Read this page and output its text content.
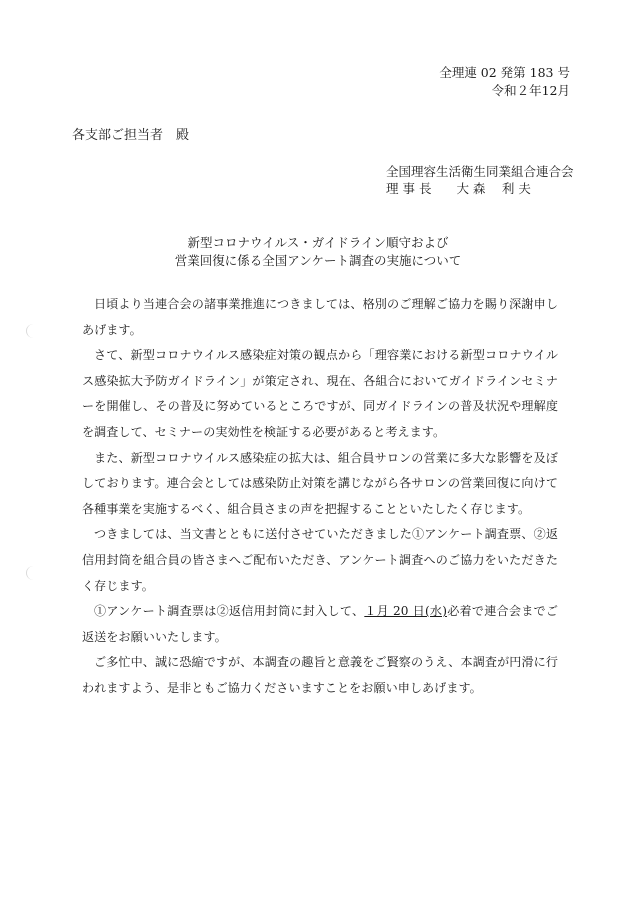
全理連 02 発第 183 号
令和２年12月
各支部ご担当者　殿
全国理容生活衛生同業組合連合会
理 事 長　　大 森　 利 夫
新型コロナウイルス・ガイドライン順守および
営業回復に係る全国アンケート調査の実施について

日頃より当連合会の諸事業推進につきましては、格別のご理解ご協力を賜り深謝申しあげます。

さて、新型コロナウイルス感染症対策の観点から「理容業における新型コロナウイルス感染拡大予防ガイドライン」が策定され、現在、各組合においてガイドラインセミナーを開催し、その普及に努めているところですが、同ガイドラインの普及状況や理解度を調査して、セミナーの実効性を検証する必要があると考えます。

また、新型コロナウイルス感染症の拡大は、組合員サロンの営業に多大な影響を及ぼしております。連合会としては感染防止対策を講じながら各サロンの営業回復に向けて各種事業を実施するべく、組合員さまの声を把握することといたしたく存じます。

つきましては、当文書とともに送付させていただきました①アンケート調査票、②返信用封筒を組合員の皆さまへご配布いただき、アンケート調査へのご協力をいただきたく存じます。

①アンケート調査票は②返信用封筒に封入して、１月 20 日(水)必着で連合会までご返送をお願いいたします。

ご多忙中、誠に恐縮ですが、本調査の趣旨と意義をご賢察のうえ、本調査が円滑に行われますよう、是非ともご協力くださいますことをお願い申しあげます。
